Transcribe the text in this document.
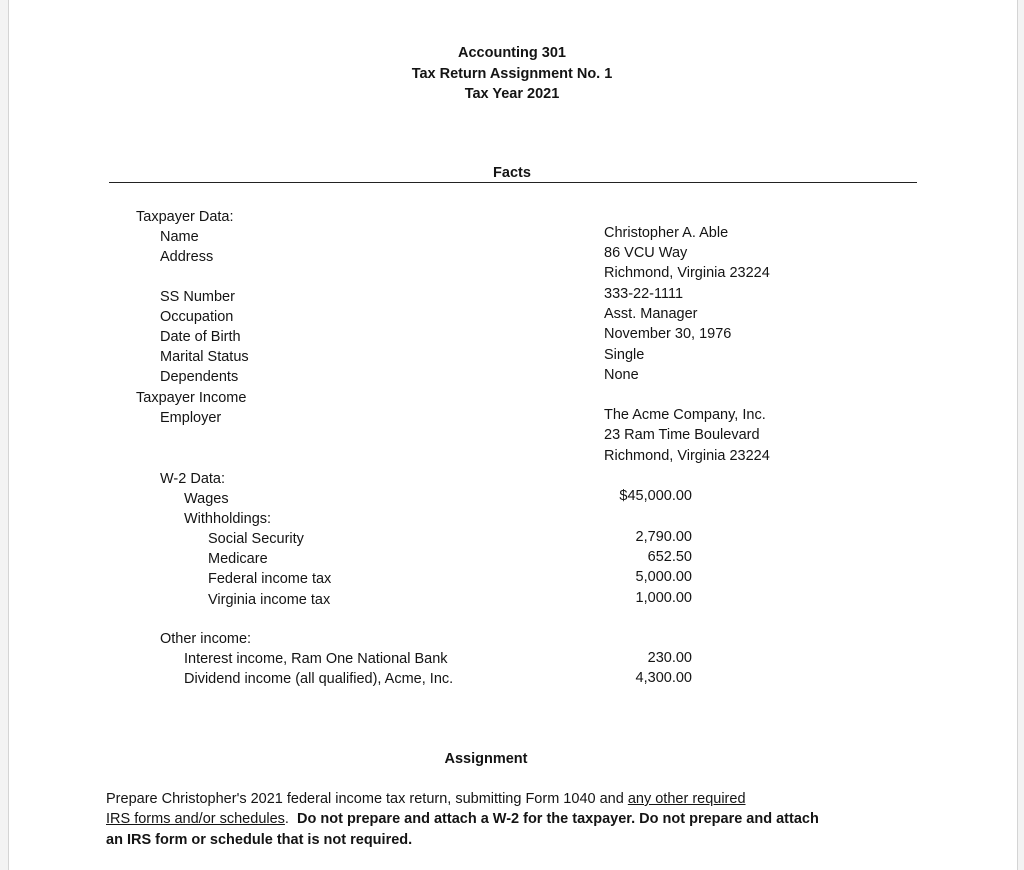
Accounting 301
Tax Return Assignment No. 1
Tax Year 2021
Facts
Taxpayer Data:
Name
Address
SS Number
Occupation
Date of Birth
Marital Status
Dependents
Christopher A. Able
86 VCU Way
Richmond, Virginia 23224
333-22-1111
Asst. Manager
November 30, 1976
Single
None
Taxpayer Income
Employer	The Acme Company, Inc.
23 Ram Time Boulevard
Richmond, Virginia 23224
W-2 Data:
Wages	$45,000.00
Withholdings:
Social Security
Medicare
Federal income tax
Virginia income tax
2,790.00
652.50
5,000.00
1,000.00
Other income:
Interest income, Ram One National Bank
Dividend income (all qualified), Acme, Inc.
230.00
4,300.00
Assignment
Prepare Christopher's 2021 federal income tax return, submitting Form 1040 and any other required
IRS forms and/or schedules. Do not prepare and attach a W-2 for the taxpayer. Do not prepare and attach
an IRS form or schedule that is not required.
